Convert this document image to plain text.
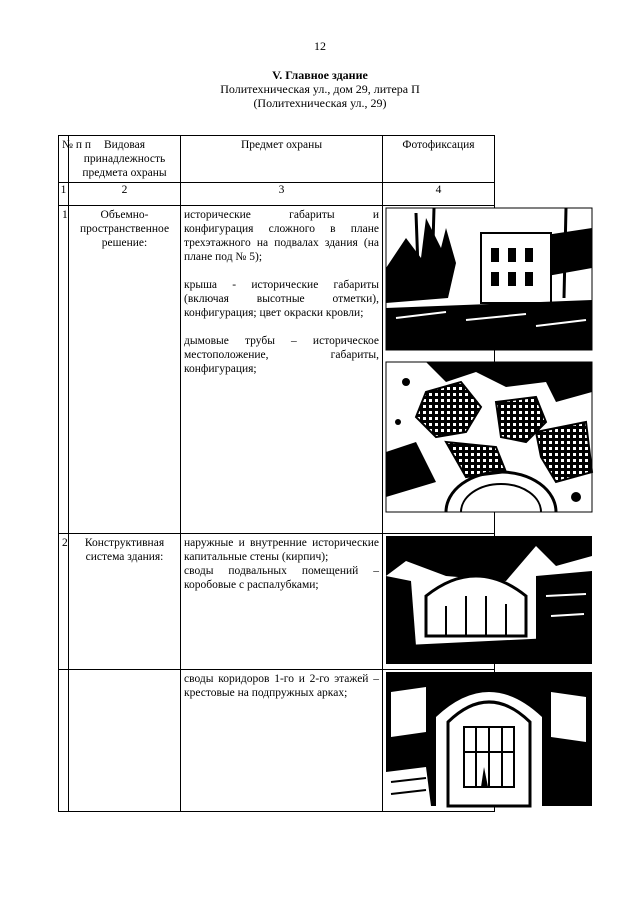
12
V. Главное здание
Политехническая ул., дом 29, литера П
(Политехническая ул., 29)
№ п п	Видовая принадлежность предмета охраны	Предмет охраны	Фотофиксация
1	2	3	4
1	Объемно-пространственное решение:	исторические габариты и конфигурация сложного в плане трехэтажного на подвалах здания (на плане под № 5);

крыша - исторические габариты (включая высотные отметки), конфигурация; цвет окраски кровли;

дымовые трубы – историческое местоположение, габариты, конфигурация;

2	Конструктивная система здания:	наружные и внутренние исторические капитальные стены (кирпич);
своды подвальных помещений – коробовые с распалубками;

		своды коридоров 1-го и 2-го этажей – крестовые на подпружных арках;
